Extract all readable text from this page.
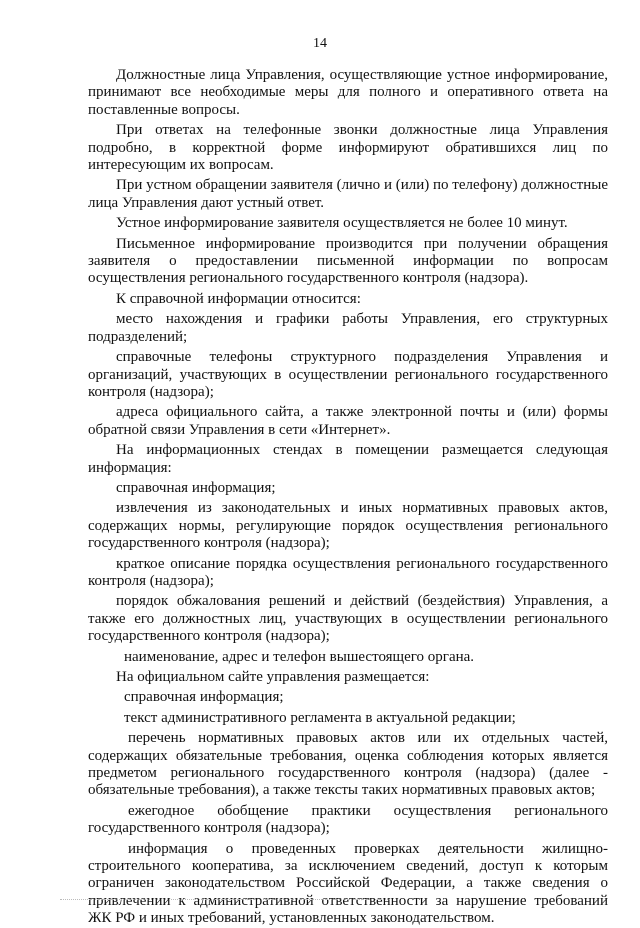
14

Должностные лица Управления, осуществляющие устное информирование, принимают все необходимые меры для полного и оперативного ответа на поставленные вопросы.

При ответах на телефонные звонки должностные лица Управления подробно, в корректной форме информируют обратившихся лиц по интересующим их вопросам.

При устном обращении заявителя (лично и (или) по телефону) должностные лица Управления дают устный ответ.

Устное информирование заявителя осуществляется не более 10 минут.

Письменное информирование производится при получении обращения заявителя о предоставлении письменной информации по вопросам осуществления регионального государственного контроля (надзора).

К справочной информации относится:

место нахождения и графики работы Управления, его структурных подразделений;

справочные телефоны структурного подразделения Управления и организаций, участвующих в осуществлении регионального государственного контроля (надзора);

адреса официального сайта, а также электронной почты и (или) формы обратной связи Управления в сети «Интернет».

На информационных стендах в помещении размещается следующая информация:

справочная информация;

извлечения из законодательных и иных нормативных правовых актов, содержащих нормы, регулирующие порядок осуществления регионального государственного контроля (надзора);

краткое описание порядка осуществления регионального государственного контроля (надзора);

порядок обжалования решений и действий (бездействия) Управления, а также его должностных лиц, участвующих в осуществлении регионального государственного контроля (надзора);

наименование, адрес и телефон вышестоящего органа.

На официальном сайте управления размещается:

справочная информация;

текст административного регламента в актуальной редакции;

перечень нормативных правовых актов или их отдельных частей, содержащих обязательные требования, оценка соблюдения которых является предметом регионального государственного контроля (надзора) (далее - обязательные требования), а также тексты таких нормативных правовых актов;

ежегодное обобщение практики осуществления регионального государственного контроля (надзора);

информация о проведенных проверках деятельности жилищно-строительного кооператива, за исключением сведений, доступ к которым ограничен законодательством Российской Федерации, а также сведения о привлечении к административной ответственности за нарушение требований ЖК РФ и иных требований, установленных законодательством.
